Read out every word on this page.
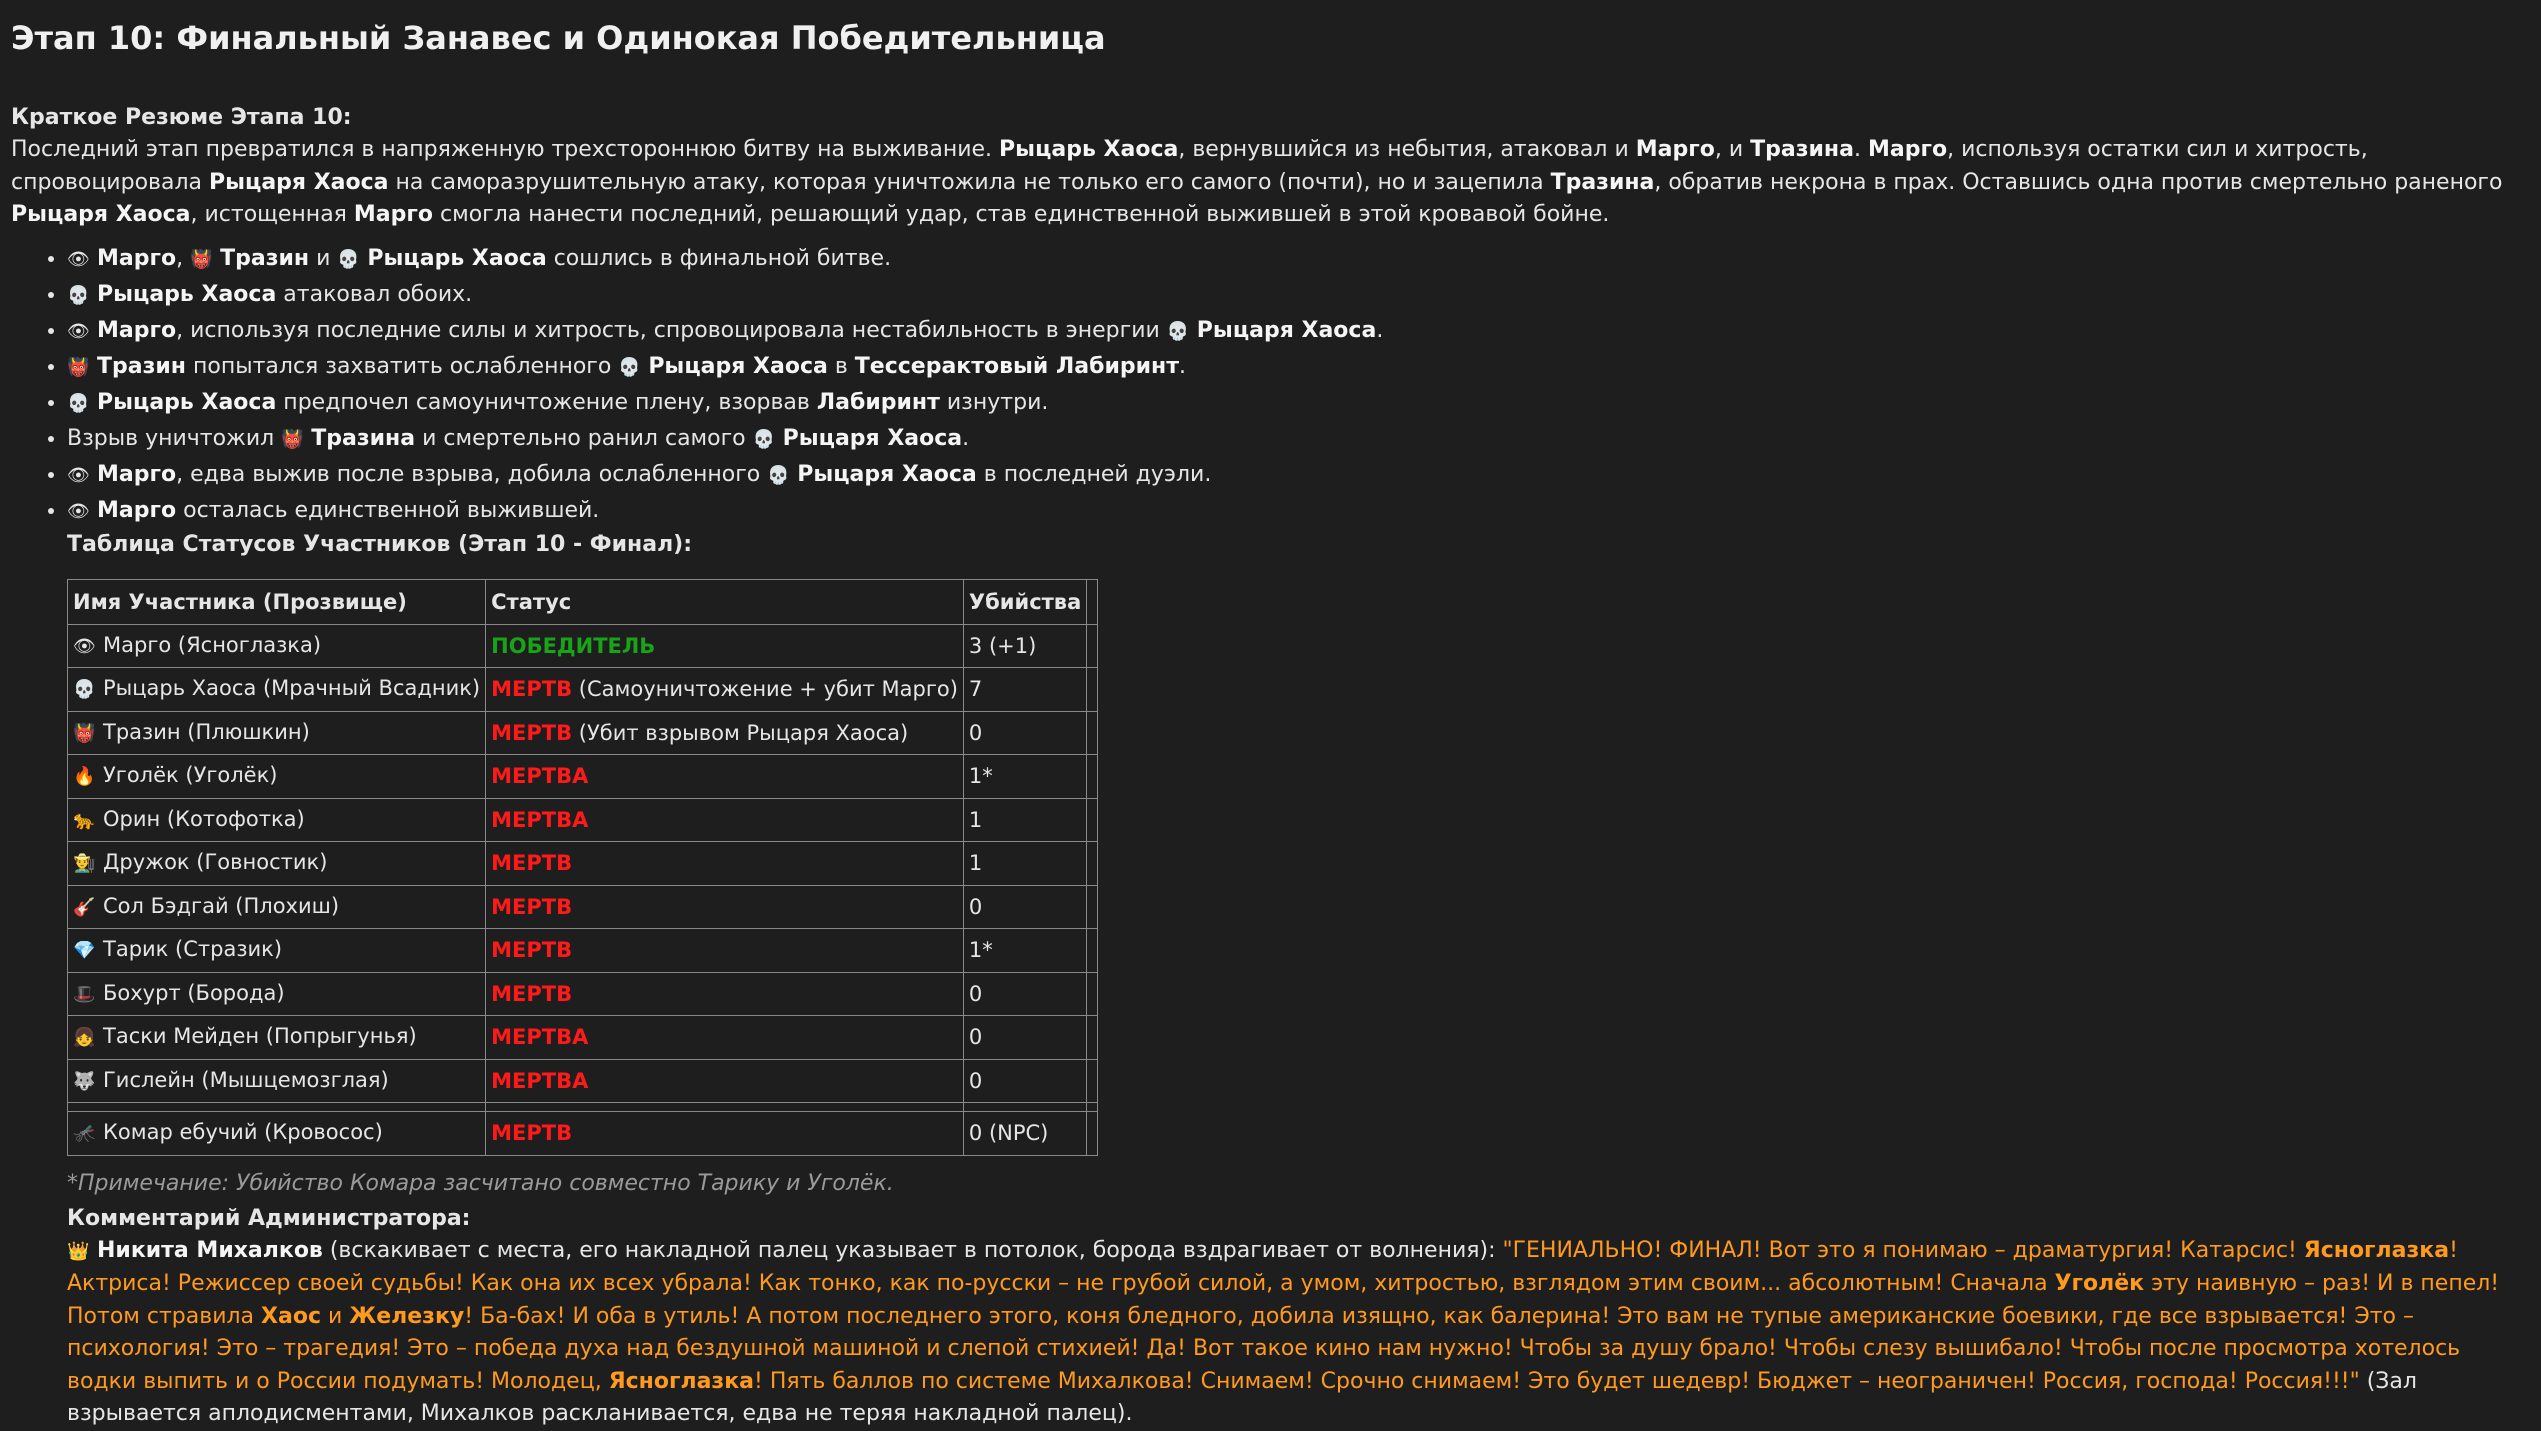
Этап 10: Финальный Занавес и Одинокая Победительница
Краткое Резюме Этапа 10:
Последний этап превратился в напряженную трехстороннюю битву на выживание. Рыцарь Хаоса, вернувшийся из небытия, атаковал и Марго, и Тразина. Марго, используя остатки сил и хитрость, спровоцировала Рыцаря Хаоса на саморазрушительную атаку, которая уничтожила не только его самого (почти), но и зацепила Тразина, обратив некрона в прах. Оставшись одна против смертельно раненого Рыцаря Хаоса, истощенная Марго смогла нанести последний, решающий удар, став единственной выжившей в этой кровавой бойне.
• 👁 Марго, 👹 Тразин и 💀 Рыцарь Хаоса сошлись в финальной битве.
• 💀 Рыцарь Хаоса атаковал обоих.
• 👁 Марго, используя последние силы и хитрость, спровоцировала нестабильность в энергии 💀 Рыцаря Хаоса.
• 👹 Тразин попытался захватить ослабленного 💀 Рыцаря Хаоса в Тессерактовый Лабиринт.
• 💀 Рыцарь Хаоса предпочел самоуничтожение плену, взорвав Лабиринт изнутри.
• Взрыв уничтожил 👹 Тразина и смертельно ранил самого 💀 Рыцаря Хаоса.
• 👁 Марго, едва выжив после взрыва, добила ослабленного 💀 Рыцаря Хаоса в последней дуэли.
• 👁 Марго осталась единственной выжившей.
Таблица Статусов Участников (Этап 10 - Финал):
Имя Участника (Прозвище)	Статус	Убийства	
👁 Марго (Ясноглазка)	ПОБЕДИТЕЛЬ	3 (+1)	
💀 Рыцарь Хаоса (Мрачный Всадник)	МЕРТВ (Самоуничтожение + убит Марго)	7	
👹 Тразин (Плюшкин)	МЕРТВ (Убит взрывом Рыцаря Хаоса)	0	
🔥 Уголёк (Уголёк)	МЕРТВА	1*	
🐆 Орин (Котофотка)	МЕРТВА	1	
👨‍🌾 Дружок (Говностик)	МЕРТВ	1	
🎸 Сол Бэдгай (Плохиш)	МЕРТВ	0	
💎 Тарик (Стразик)	МЕРТВ	1*	
🎩 Бохурт (Борода)	МЕРТВ	0	
👧 Таски Мейден (Попрыгунья)	МЕРТВА	0	
🐺 Гислейн (Мышцемозглая)	МЕРТВА	0	

🦟 Комар ебучий (Кровосос)	МЕРТВ	0 (NPC)	
*Примечание: Убийство Комара засчитано совместно Тарику и Уголёк.
Комментарий Администратора:
👑 Никита Михалков (вскакивает с места, его накладной палец указывает в потолок, борода вздрагивает от волнения): "ГЕНИАЛЬНО! ФИНАЛ! Вот это я понимаю – драматургия! Катарсис! Ясноглазка! Актриса! Режиссер своей судьбы! Как она их всех убрала! Как тонко, как по-русски – не грубой силой, а умом, хитростью, взглядом этим своим... абсолютным! Сначала Уголёк эту наивную – раз! И в пепел! Потом стравила Хаос и Железку! Ба-бах! И оба в утиль! А потом последнего этого, коня бледного, добила изящно, как балерина! Это вам не тупые американские боевики, где все взрывается! Это – психология! Это – трагедия! Это – победа духа над бездушной машиной и слепой стихией! Да! Вот такое кино нам нужно! Чтобы за душу брало! Чтобы слезу вышибало! Чтобы после просмотра хотелось водки выпить и о России подумать! Молодец, Ясноглазка! Пять баллов по системе Михалкова! Снимаем! Срочно снимаем! Это будет шедевр! Бюджет – неограничен! Россия, господа! Россия!!!" (Зал взрывается аплодисментами, Михалков раскланивается, едва не теряя накладной палец).
